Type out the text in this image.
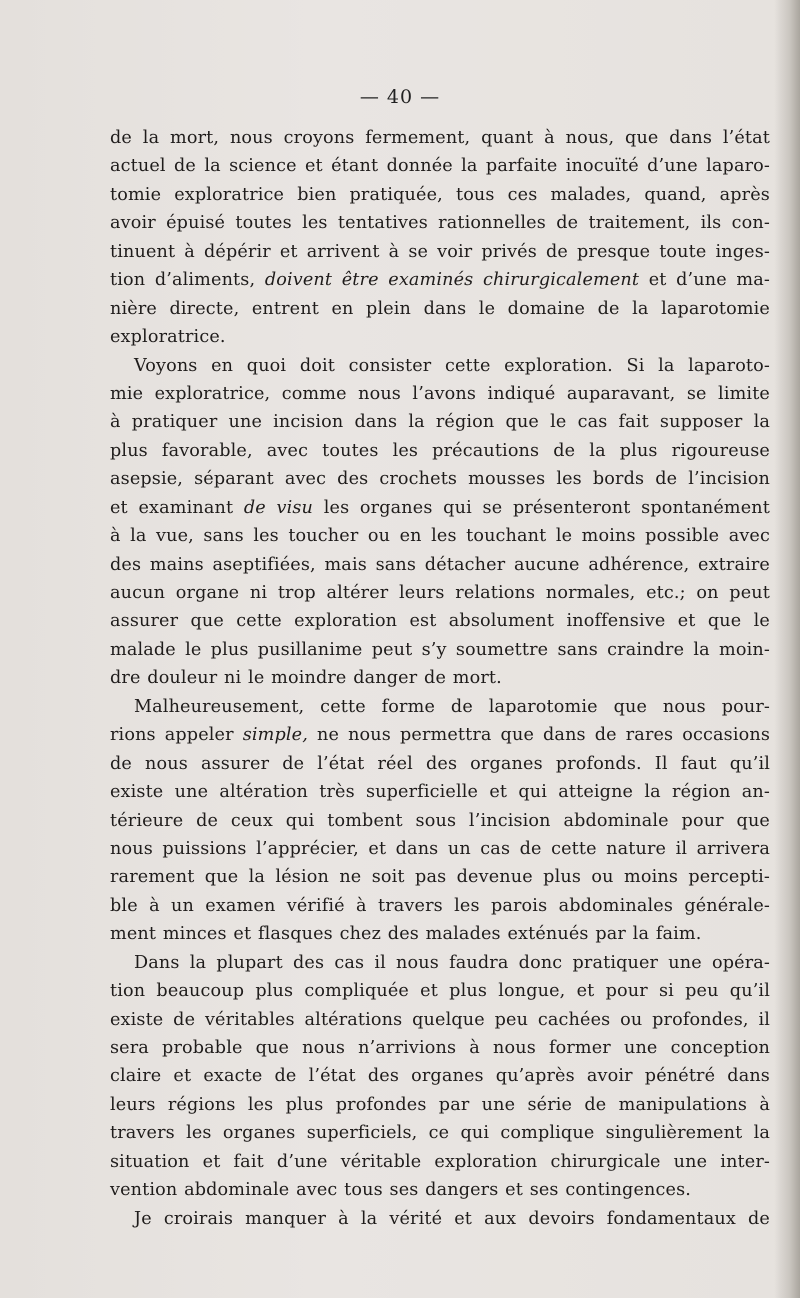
— 40 —
de la mort, nous croyons fermement, quant à nous, que dans l’état
actuel de la science et étant donnée la parfaite inocuïté d’une laparo-
tomie exploratrice bien pratiquée, tous ces malades, quand, après
avoir épuisé toutes les tentatives rationnelles de traitement, ils con-
tinuent à dépérir et arrivent à se voir privés de presque toute inges-
tion d’aliments, doivent être examinés chirurgicalement et d’une ma-
nière directe, entrent en plein dans le domaine de la laparotomie
exploratrice.
Voyons en quoi doit consister cette exploration. Si la laparoto-
mie exploratrice, comme nous l’avons indiqué auparavant, se limite
à pratiquer une incision dans la région que le cas fait supposer la
plus favorable, avec toutes les précautions de la plus rigoureuse
asepsie, séparant avec des crochets mousses les bords de l’incision
et examinant de visu les organes qui se présenteront spontanément
à la vue, sans les toucher ou en les touchant le moins possible avec
des mains aseptifiées, mais sans détacher aucune adhérence, extraire
aucun organe ni trop altérer leurs relations normales, etc.; on peut
assurer que cette exploration est absolument inoffensive et que le
malade le plus pusillanime peut s’y soumettre sans craindre la moin-
dre douleur ni le moindre danger de mort.
Malheureusement, cette forme de laparotomie que nous pour-
rions appeler simple, ne nous permettra que dans de rares occasions
de nous assurer de l’état réel des organes profonds. Il faut qu’il
existe une altération très superficielle et qui atteigne la région an-
térieure de ceux qui tombent sous l’incision abdominale pour que
nous puissions l’apprécier, et dans un cas de cette nature il arrivera
rarement que la lésion ne soit pas devenue plus ou moins percepti-
ble à un examen vérifié à travers les parois abdominales générale-
ment minces et flasques chez des malades exténués par la faim.
Dans la plupart des cas il nous faudra donc pratiquer une opéra-
tion beaucoup plus compliquée et plus longue, et pour si peu qu’il
existe de véritables altérations quelque peu cachées ou profondes, il
sera probable que nous n’arrivions à nous former une conception
claire et exacte de l’état des organes qu’après avoir pénétré dans
leurs régions les plus profondes par une série de manipulations à
travers les organes superficiels, ce qui complique singulièrement la
situation et fait d’une véritable exploration chirurgicale une inter-
vention abdominale avec tous ses dangers et ses contingences.
Je croirais manquer à la vérité et aux devoirs fondamentaux de
